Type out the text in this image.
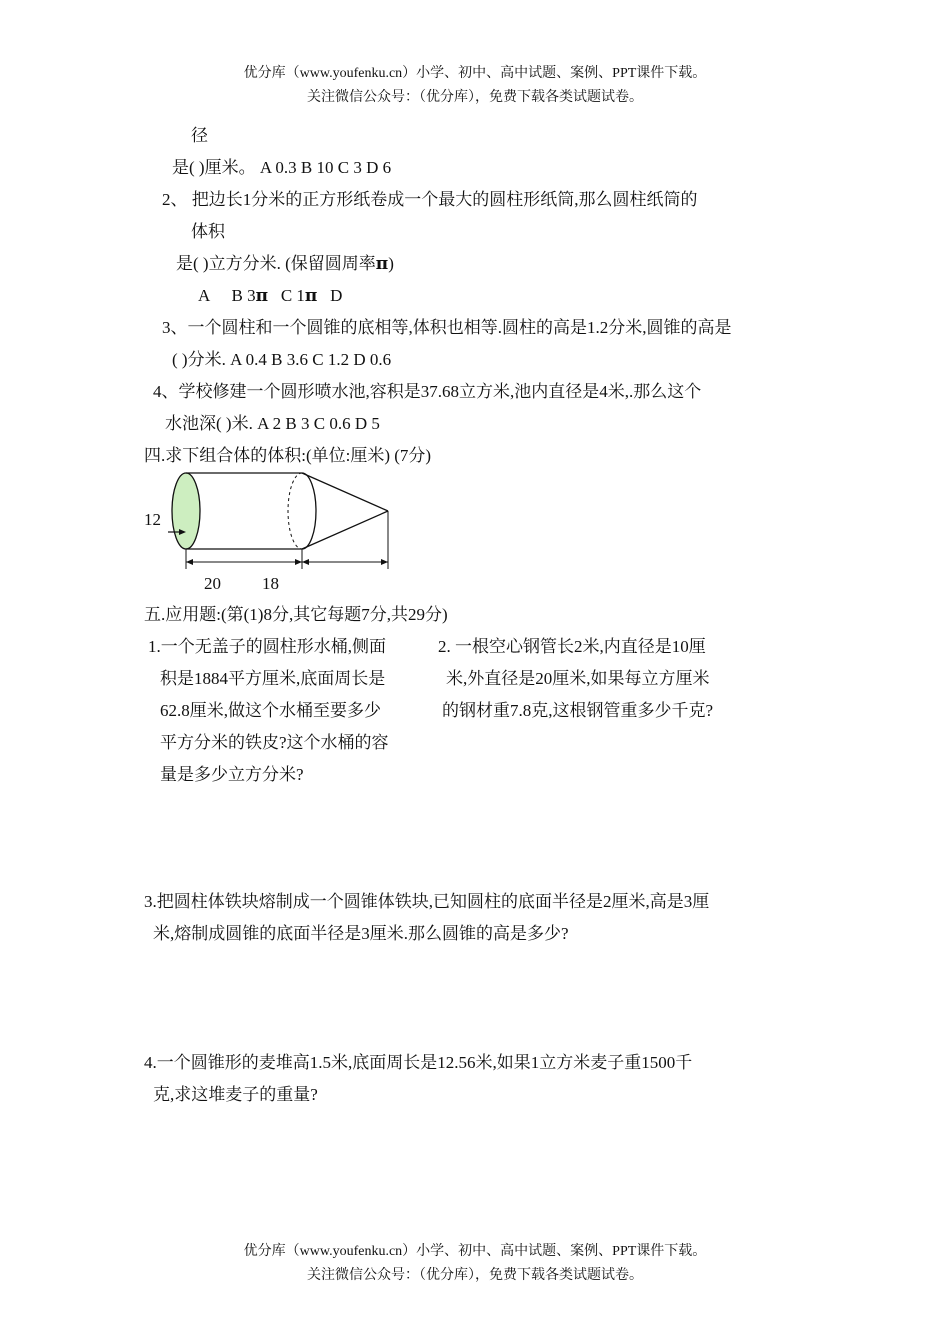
优分库（www.youfenku.cn）小学、初中、高中试题、案例、PPT课件下载。
关注微信公众号：（优分库），免费下载各类试题试卷。
径
是( )厘米。 A 0.3 B 10 C 3 D 6
2、 把边长1分米的正方形纸卷成一个最大的圆柱形纸筒,那么圆柱纸筒的
体积
是( )立方分米. (保留圆周率π)
A B 3π C 1π D
3、一个圆柱和一个圆锥的底相等,体积也相等.圆柱的高是1.2分米,圆锥的高是
( )分米. A 0.4 B 3.6 C 1.2 D 0.6
4、学校修建一个圆形喷水池,容积是37.68立方米,池内直径是4米,.那么这个
水池深( )米. A 2 B 3 C 0.6 D 5
四.求下组合体的体积:(单位:厘米) (7分)
12
20 18
五.应用题:(第(1)8分,其它每题7分,共29分)
1.一个无盖子的圆柱形水桶,侧面
积是1884平方厘米,底面周长是
62.8厘米,做这个水桶至要多少
平方分米的铁皮?这个水桶的容
量是多少立方分米?
2. 一根空心钢管长2米,内直径是10厘
米,外直径是20厘米,如果每立方厘米
的钢材重7.8克,这根钢管重多少千克?
3.把圆柱体铁块熔制成一个圆锥体铁块,已知圆柱的底面半径是2厘米,高是3厘
米,熔制成圆锥的底面半径是3厘米.那么圆锥的高是多少?
4.一个圆锥形的麦堆高1.5米,底面周长是12.56米,如果1立方米麦子重1500千
克,求这堆麦子的重量?
优分库（www.youfenku.cn）小学、初中、高中试题、案例、PPT课件下载。
关注微信公众号：（优分库），免费下载各类试题试卷。
